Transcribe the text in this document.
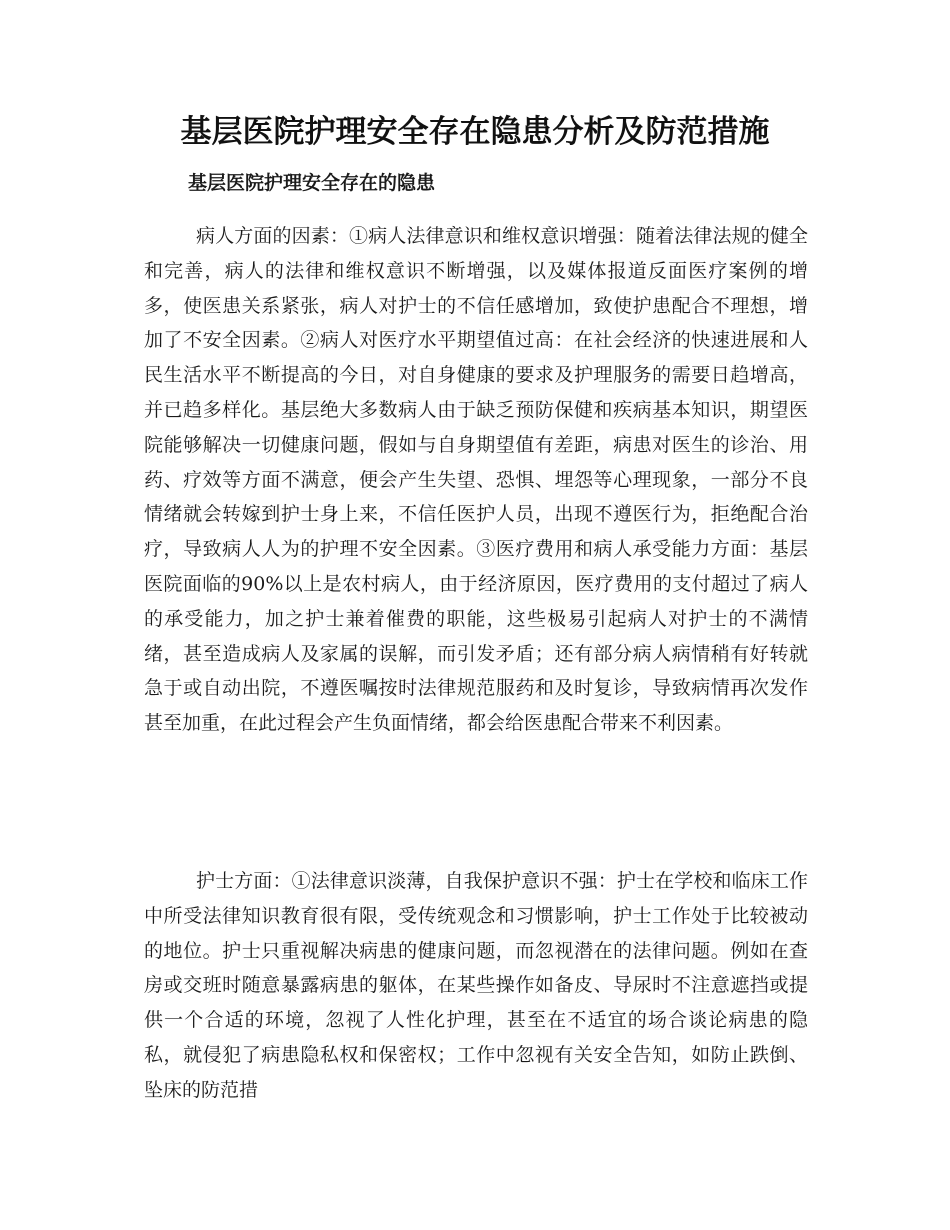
基层医院护理安全存在隐患分析及防范措施
基层医院护理安全存在的隐患

病人方面的因素：①病人法律意识和维权意识增强：随着法律法规的健全和完善，病人的法律和维权意识不断增强，以及媒体报道反面医疗案例的增多，使医患关系紧张，病人对护士的不信任感增加，致使护患配合不理想，增加了不安全因素。②病人对医疗水平期望值过高：在社会经济的快速进展和人民生活水平不断提高的今日，对自身健康的要求及护理服务的需要日趋增高，并已趋多样化。基层绝大多数病人由于缺乏预防保健和疾病基本知识，期望医院能够解决一切健康问题，假如与自身期望值有差距，病患对医生的诊治、用药、疗效等方面不满意，便会产生失望、恐惧、埋怨等心理现象，一部分不良情绪就会转嫁到护士身上来，不信任医护人员，出现不遵医行为，拒绝配合治疗，导致病人人为的护理不安全因素。③医疗费用和病人承受能力方面：基层医院面临的90%以上是农村病人，由于经济原因，医疗费用的支付超过了病人的承受能力，加之护士兼着催费的职能，这些极易引起病人对护士的不满情绪，甚至造成病人及家属的误解，而引发矛盾；还有部分病人病情稍有好转就急于或自动出院，不遵医嘱按时法律规范服药和及时复诊，导致病情再次发作甚至加重，在此过程会产生负面情绪，都会给医患配合带来不利因素。

护士方面：①法律意识淡薄，自我保护意识不强：护士在学校和临床工作中所受法律知识教育很有限，受传统观念和习惯影响，护士工作处于比较被动的地位。护士只重视解决病患的健康问题，而忽视潜在的法律问题。例如在查房或交班时随意暴露病患的躯体，在某些操作如备皮、导尿时不注意遮挡或提供一个合适的环境，忽视了人性化护理，甚至在不适宜的场合谈论病患的隐私，就侵犯了病患隐私权和保密权；工作中忽视有关安全告知，如防止跌倒、坠床的防范措
